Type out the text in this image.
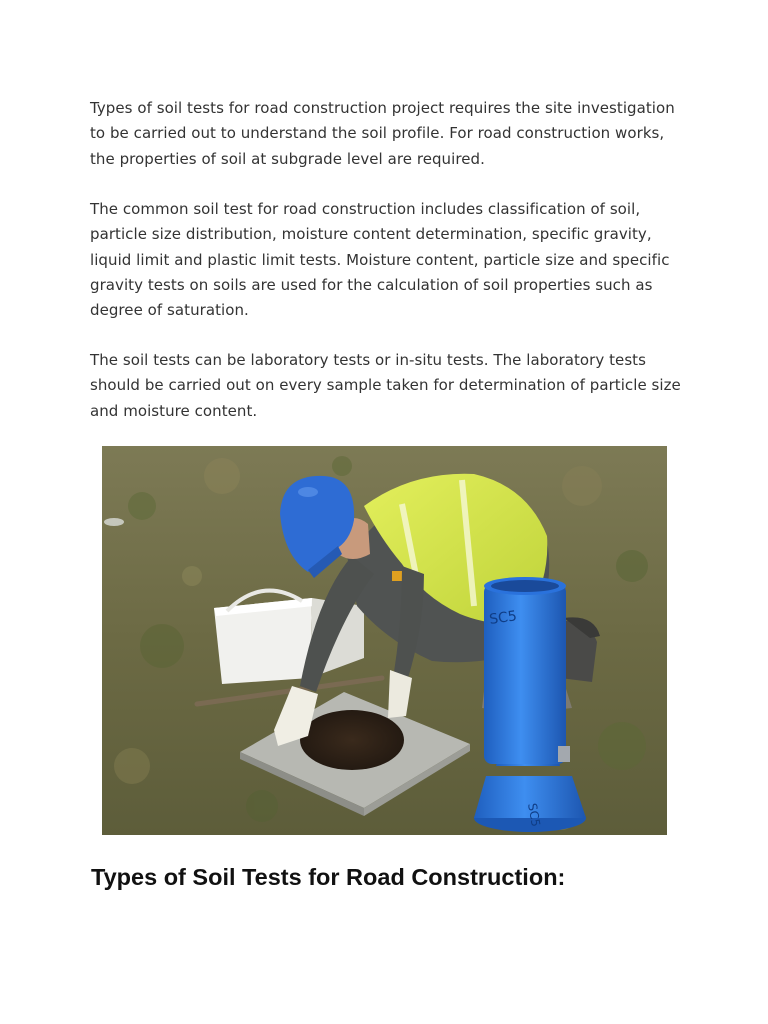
Types of soil tests for road construction project requires the site investigation to be carried out to understand the soil profile. For road construction works, the properties of soil at subgrade level are required.

The common soil test for road construction includes classification of soil, particle size distribution, moisture content determination, specific gravity, liquid limit and plastic limit tests. Moisture content, particle size and specific gravity tests on soils are used for the calculation of soil properties such as degree of saturation.

The soil tests can be laboratory tests or in-situ tests. The laboratory tests should be carried out on every sample taken for determination of particle size and moisture content.

SC5
SC5
Types of Soil Tests for Road Construction:
